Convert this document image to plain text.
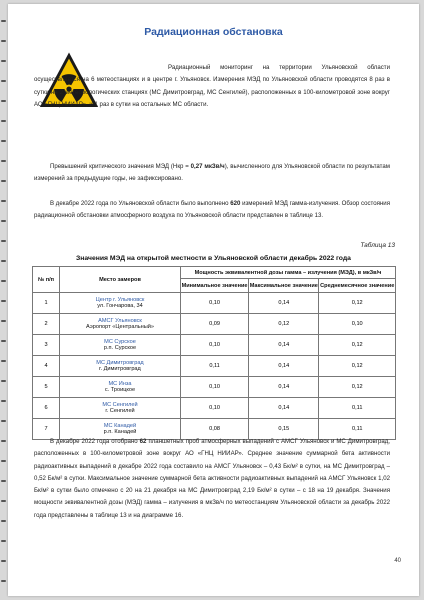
Радиационная обстановка

Радиационный мониторинг на территории Ульяновской области осуществляется на 6 метеостанциях и в центре г. Ульяновск. Измерения МЭД по Ульяновской области проводятся 8 раз в сутки на 2 метеорологических станциях (МС Димитровград, МС Сенгилей), расположенных в 100-километровой зоне вокруг АО «ГНЦ НИИАР», и 1 раз в сутки на остальных МС области.

Превышений критического значения МЭД (Нкр = 0,27 мкЗв/ч), вычисленного для Ульяновской области по результатам измерений за предыдущие годы, не зафиксировано.

В декабре 2022 года по Ульяновской области было выполнено 620 измерений МЭД гамма-излучения. Обзор состояния радиационной обстановки атмосферного воздуха по Ульяновской области представлен в таблице 13.

Таблица 13
Значения МЭД на открытой местности в Ульяновской области декабрь 2022 года
№ п/п	Место замеров	Мощность эквивалентной дозы гамма – излучения (МЭД), в мкЗв/ч		
		Минимальное значение	Максимальное значение	Среднемесячное значение
1	Центр г. Ульяновск
ул. Гончарова, 34	0,10	0,14	0,12
2	АМСГ Ульяновск
Аэропорт «Центральный»	0,09	0,12	0,10
3	МС Сурское
р.п. Сурское	0,10	0,14	0,12
4	МС Димитровград
г. Димитровград	0,11	0,14	0,12
5	МС Инза
с. Троицкое	0,10	0,14	0,12
6	МС Сенгилей
г. Сенгилей	0,10	0,14	0,11
7	МС Канадей
р.п. Канадей	0,08	0,15	0,11

В декабре 2022 года отобрано 62 планшетных проб атмосферных выпадений с АМСГ Ульяновск и МС Димитровград, расположенных в 100-километровой зоне вокруг АО «ГНЦ НИИАР». Среднее значение суммарной бета активности радиоактивных выпадений в декабре 2022 года составило на АМСГ Ульяновск – 0,43 Бк/м² в сутки, на МС Димитровград – 0,52 Бк/м² в сутки. Максимальное значение суммарной бета активности радиоактивных выпадений на АМСГ Ульяновск 1,02 Бк/м² в сутки было отмечено с 20 на 21 декабря на МС Димитровград 2,19 Бк/м² в сутки – с 18 на 19 декабря. Значения мощности эквивалентной дозы (МЭД) гамма – излучения в мкЗв/ч по метеостанциям Ульяновской области за декабрь 2022 года представлены в таблице 13 и на диаграмме 16.

40
